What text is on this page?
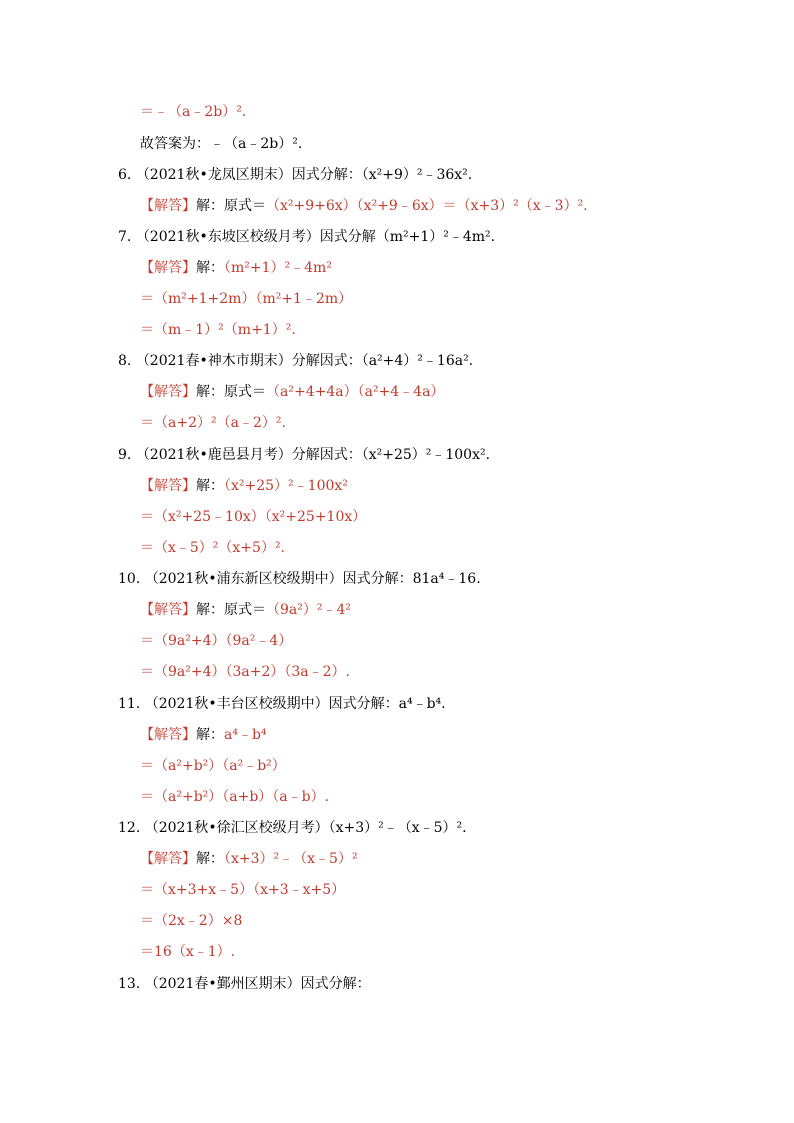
＝﹣（a﹣2b）².
故答案为：﹣（a﹣2b）².
6. （2021秋•龙凤区期末）因式分解：（x²+9）²﹣36x².
【解答】解：原式＝（x²+9+6x）（x²+9﹣6x）＝（x+3）²（x﹣3）².
7. （2021秋•东坡区校级月考）因式分解（m²+1）²﹣4m².
【解答】解：（m²+1）²﹣4m²
＝（m²+1+2m）（m²+1﹣2m）
＝（m﹣1）²（m+1）².
8. （2021春•神木市期末）分解因式：（a²+4）²﹣16a².
【解答】解：原式＝（a²+4+4a）（a²+4﹣4a）
＝（a+2）²（a﹣2）².
9. （2021秋•鹿邑县月考）分解因式：（x²+25）²﹣100x².
【解答】解：（x²+25）²﹣100x²
＝（x²+25﹣10x）（x²+25+10x）
＝（x﹣5）²（x+5）².
10. （2021秋•浦东新区校级期中）因式分解：81a⁴﹣16.
【解答】解：原式＝（9a²）²﹣4²
＝（9a²+4）（9a²﹣4）
＝（9a²+4）（3a+2）（3a﹣2）.
11. （2021秋•丰台区校级期中）因式分解：a⁴﹣b⁴.
【解答】解：a⁴﹣b⁴
＝（a²+b²）（a²﹣b²）
＝（a²+b²）（a+b）（a﹣b）.
12. （2021秋•徐汇区校级月考）（x+3）²﹣（x﹣5）².
【解答】解：（x+3）²﹣（x﹣5）²
＝（x+3+x﹣5）（x+3﹣x+5）
＝（2x﹣2）×8
＝16（x﹣1）.
13. （2021春•鄞州区期末）因式分解：
